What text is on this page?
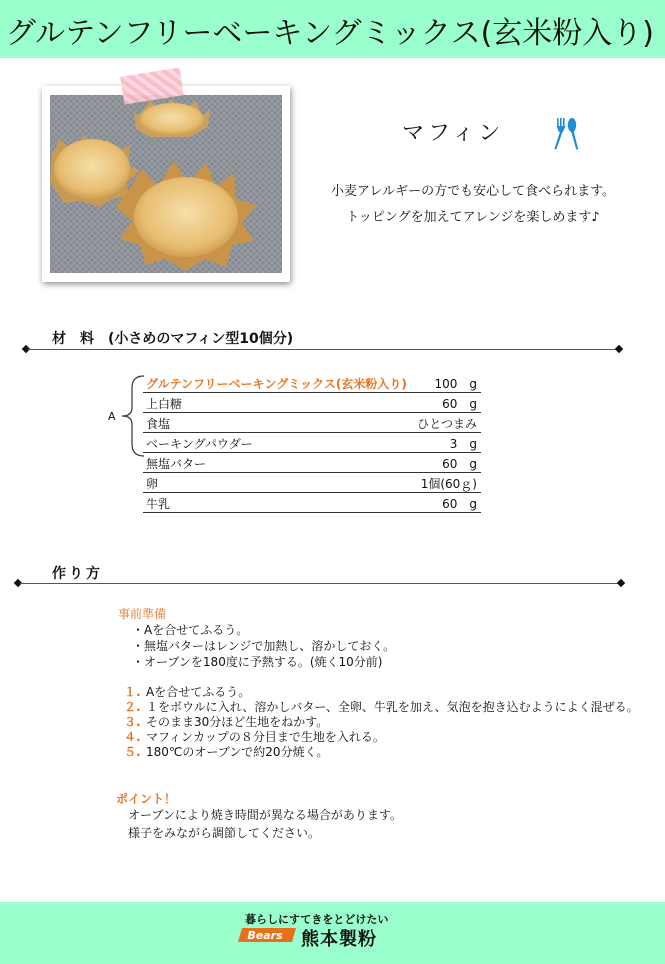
グルテンフリーベーキングミックス(玄米粉入り)
マフィン
小麦アレルギーの方でも安心して食べられます。
トッピングを加えてアレンジを楽しめます♪
材　料　(小さめのマフィン型10個分)
A
グルテンフリーベーキングミックス(玄米粉入り) 100　g
上白糖	60　g
食塩	ひとつまみ
ベーキングパウダー	3　g
無塩バター	60　g
卵	1個(60ｇ)
牛乳	60　g
作り方
事前準備
・Aを合せてふるう。
・無塩バターはレンジで加熱し、溶かしておく。
・オーブンを180度に予熱する。(焼く10分前)
１. Aを合せてふるう。
２. １をボウルに入れ、溶かしバター、全卵、牛乳を加え、気泡を抱き込むようによく混ぜる。
３. そのまま30分ほど生地をねかす。
４. マフィンカップの８分目まで生地を入れる。
５. 180℃のオーブンで約20分焼く。
ポイント！
オーブンにより焼き時間が異なる場合があります。
様子をみながら調節してください。
暮らしにすてきをとどけたい
Bears 熊本製粉
